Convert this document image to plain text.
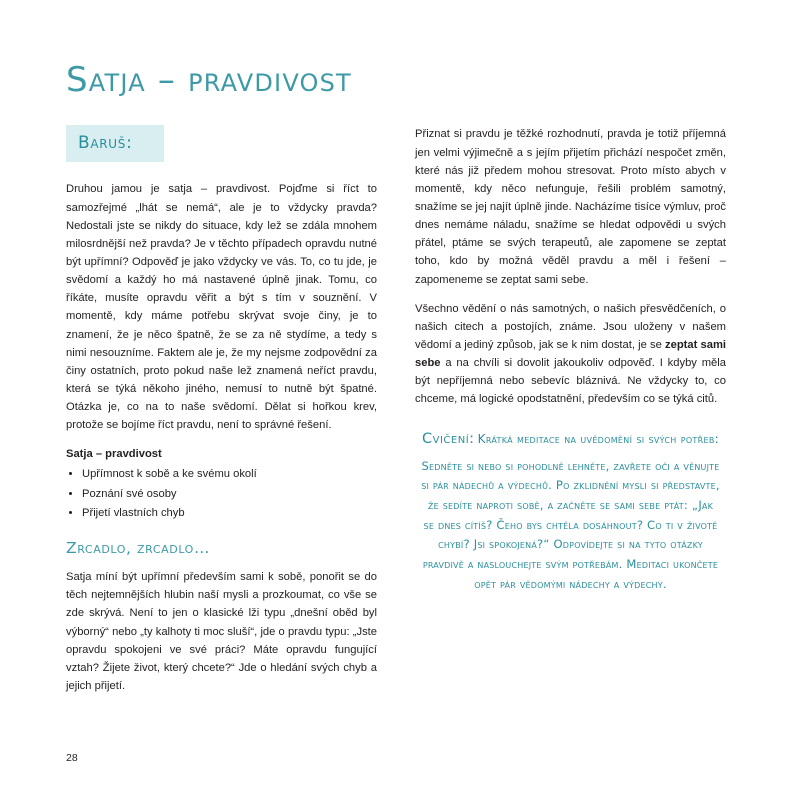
Satja – pravdivost
Baruš:

Druhou jamou je satja – pravdivost. Pojďme si říct to samozřejmé „lhát se nemá“, ale je to vždycky pravda? Nedostali jste se nikdy do situace, kdy lež se zdála mnohem milosrdnější než pravda? Je v těchto případech opravdu nutné být upřímní? Odpověď je jako vždycky ve vás. To, co tu jde, je svědomí a každý ho má nastavené úplně jinak. Tomu, co říkáte, musíte opravdu věřit a být s tím v souznění. V momentě, kdy máme potřebu skrývat svoje činy, je to znamení, že je něco špatně, že se za ně stydíme, a tedy s nimi nesouzníme. Faktem ale je, že my nejsme zodpovědní za činy ostatních, proto pokud naše lež znamená neříct pravdu, která se týká někoho jiného, nemusí to nutně být špatné. Otázka je, co na to naše svědomí. Dělat si hořkou krev, protože se bojíme říct pravdu, není to správné řešení.

Satja – pravdivost
• Upřímnost k sobě a ke svému okolí
• Poznání své osoby
• Přijetí vlastních chyb
Zrcadlo, zrcadlo…

Satja míní být upřímní především sami k sobě, ponořit se do těch nejtemnějších hlubin naší mysli a prozkoumat, co vše se zde skrývá. Není to jen o klasické lži typu „dnešní oběd byl výborný“ nebo „ty kalhoty ti moc sluší“, jde o pravdu typu: „Jste opravdu spokojeni ve své práci? Máte opravdu fungující vztah? Žijete život, který chcete?“ Jde o hledání svých chyb a jejich přijetí.

Přiznat si pravdu je těžké rozhodnutí, pravda je totiž příjemná jen velmi výjimečně a s jejím přijetím přichází nespočet změn, které nás již předem mohou stresovat. Proto místo abych v momentě, kdy něco nefunguje, řešili problém samotný, snažíme se jej najít úplně jinde. Nacházíme tisíce výmluv, proč dnes nemáme náladu, snažíme se hledat odpovědi u svých přátel, ptáme se svých terapeutů, ale zapomene se zeptat toho, kdo by možná věděl pravdu a měl i řešení – zapomeneme se zeptat sami sebe.

Všechno vědění o nás samotných, o našich přesvědčeních, o našich citech a postojích, známe. Jsou uloženy v našem vědomí a jediný způsob, jak se k nim dostat, je se zeptat sami sebe a na chvíli si dovolit jakoukoliv odpověď. I kdyby měla být nepříjemná nebo sebevíc bláznivá. Ne vždycky to, co chceme, má logické opodstatnění, především co se týká citů.

Cvičení: Krátká meditace na uvědomění si svých potřeb:
Sedněte si nebo si pohodlně lehněte, zavřete oči a věnujte si pár nádechů a výdechů. Po zklidnění mysli si představte, že sedíte naproti sobě, a začněte se sami sebe ptát: „Jak se dnes cítíš? Čeho bys chtěla dosáhnout? Co ti v životě chybí? Jsi spokojená?“ Odpovídejte si na tyto otázky pravdivě a naslouchejte svým potřebám. Meditaci ukončete opět pár vědomými nádechy a výdechy.
28
